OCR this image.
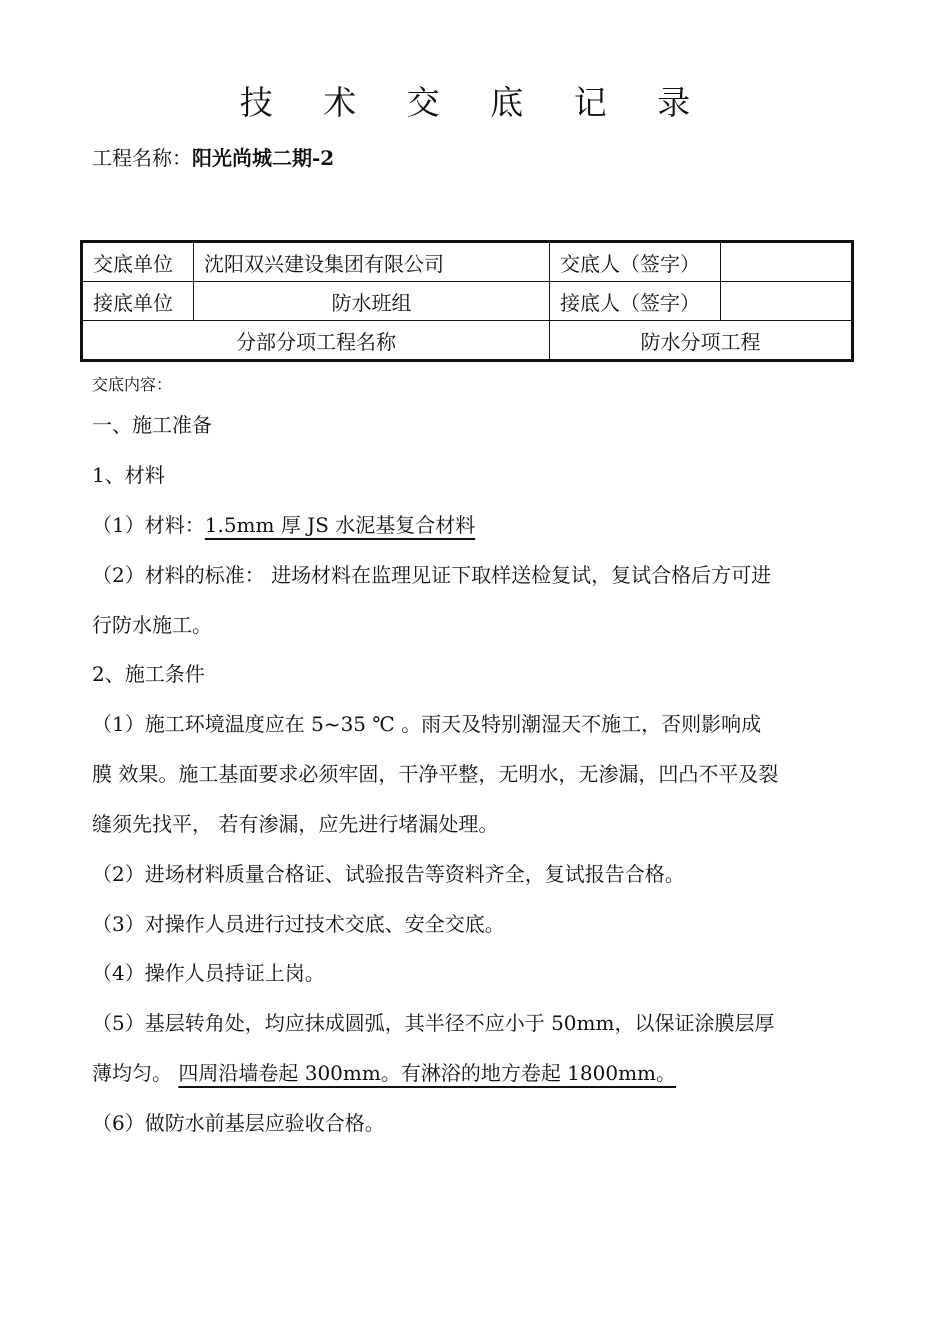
技 术 交 底 记 录
工程名称：阳光尚城二期-2
交底单位	沈阳双兴建设集团有限公司	交底人（签字）	
接底单位	防水班组	接底人（签字）	
分部分项工程名称		防水分项工程	
交底内容：
一、施工准备
1、材料
（1）材料：1.5mm 厚 JS 水泥基复合材料
（2）材料的标准： 进场材料在监理见证下取样送检复试，复试合格后方可进
行防水施工。
2、施工条件
（1）施工环境温度应在 5~35 ℃ 。雨天及特别潮湿天不施工，否则影响成
膜 效果。施工基面要求必须牢固，干净平整，无明水，无渗漏，凹凸不平及裂
缝须先找平， 若有渗漏，应先进行堵漏处理。
（2）进场材料质量合格证、试验报告等资料齐全，复试报告合格。
（3）对操作人员进行过技术交底、安全交底。
（4）操作人员持证上岗。
（5）基层转角处，均应抹成圆弧，其半径不应小于 50mm，以保证涂膜层厚
薄均匀。 四周沿墙卷起 300mm。有淋浴的地方卷起 1800mm。
（6）做防水前基层应验收合格。
